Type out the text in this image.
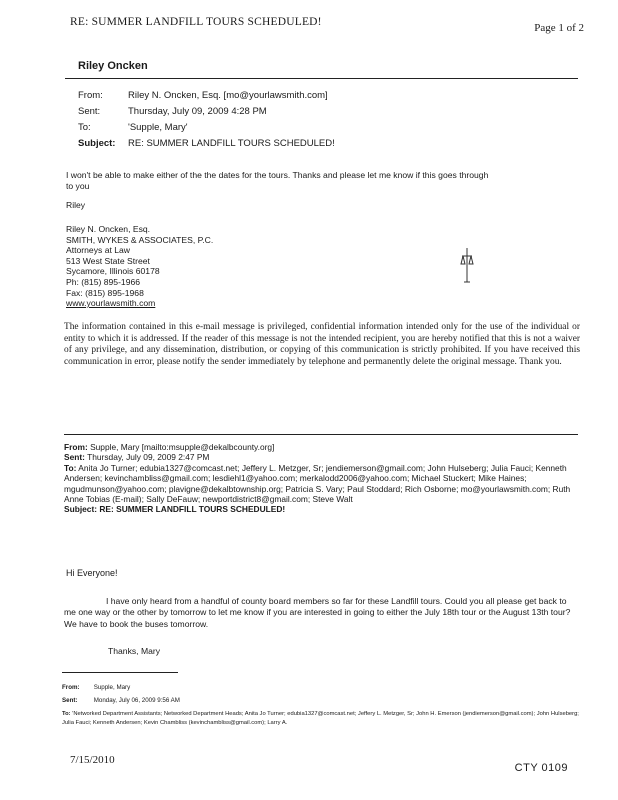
RE: SUMMER LANDFILL TOURS SCHEDULED!	Page 1 of 2
Riley Oncken
From:	Riley N. Oncken, Esq. [mo@yourlawsmith.com]
Sent:	Thursday, July 09, 2009 4:28 PM
To:	'Supple, Mary'
Subject: RE: SUMMER LANDFILL TOURS SCHEDULED!
I won't be able to make either of the the dates for the tours. Thanks and please let me know if this goes through
to you
Riley
Riley N. Oncken, Esq.
SMITH, WYKES & ASSOCIATES, P.C.
Attorneys at Law
513 West State Street
Sycamore, Illinois 60178
Ph: (815) 895-1966
Fax: (815) 895-1968
www.yourlawsmith.com
The information contained in this e-mail message is privileged, confidential information intended only for the use of the individual or entity to which it is addressed. If the reader of this message is not the intended recipient, you are hereby notified that this is not a waiver of any privilege, and any dissemination, distribution, or copying of this communication is strictly prohibited. If you have received this communication in error, please notify the sender immediately by telephone and permanently delete the original message. Thank you.
From: Supple, Mary [mailto:msupple@dekalbcounty.org]
Sent: Thursday, July 09, 2009 2:47 PM
To: Anita Jo Turner; edubia1327@comcast.net; Jeffery L. Metzger, Sr; jendiemerson@gmail.com; John Hulseberg; Julia Fauci; Kenneth Andersen; kevinchambliss@gmail.com; lesdiehl1@yahoo.com; merkalodd2006@yahoo.com; Michael Stuckert; Mike Haines; mgudmunson@yahoo.com; plavigne@dekalbtownship.org; Patricia S. Vary; Paul Stoddard; Rich Osborne; mo@yourlawsmith.com; Ruth Anne Tobias (E-mail); Sally DeFauw; newportdistrict8@gmail.com; Steve Walt
Subject: RE: SUMMER LANDFILL TOURS SCHEDULED!
Hi Everyone!
I have only heard from a handful of county board members so far for these Landfill tours. Could you all please get back to me one way or the other by tomorrow to let me know if you are interested in going to either the July 18th tour or the August 13th tour? We have to book the buses tomorrow.
Thanks, Mary
From: Supple, Mary
Sent:	Monday, July 06, 2009 9:56 AM
To: 'Networked Department Assistants; Networked Department Heads; Anita Jo Turner; edubia1327@comcast.net; Jeffery L. Metzger, Sr; John H. Emerson (jendiemerson@gmail.com); John Hulseberg; Julia Fauci; Kenneth Andersen; Kevin Chambliss (kevinchambliss@gmail.com); Larry A.
7/15/2010
CTY 0109
